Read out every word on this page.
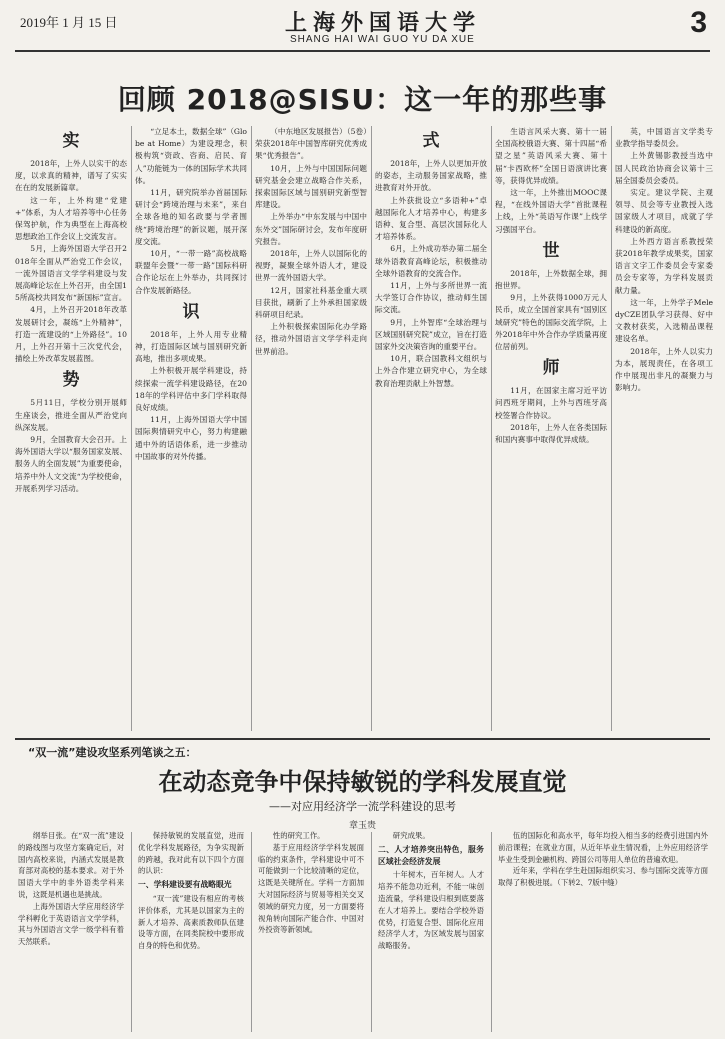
2019年 1 月 15 日	上海外国语大学
SHANG HAI WAI GUO YU DA XUE
3
回顾 2018@SISU：这一年的那些事
实

2018年，上外人以实干的态度，以求真的精神，谱写了实实在在的发展新篇章。

这一年，上外构建“党建+”体系，为人才培养等中心任务保驾护航，作为典型在上海高校思想政治工作会议上交流发言。

5月，上海外国语大学召开2018年全面从严治党工作会议，一流外国语言文学学科建设与发展高峰论坛在上外召开，由全国15所高校共同发布“新国标”宣言。

4月，上外召开2018年改革发展研讨会，凝练“上外精神”，打造一流建设的“上外路径”。10月，上外召开第十三次党代会，描绘上外改革发展蓝图。

势

5月11日，学校分别开展师生座谈会，推进全面从严治党向纵深发展。

9月，全国教育大会召开。上海外国语大学以“服务国家发展、服务人的全面发展”为重要使命，培养中外人文交流“为学校使命，开展系列学习活动。

“立足本土，数据全球”（Globe at Home）为建设理念，积极构筑“资政、咨商、启民、育人”功能链为一体的国际学术共同体。

11月，研究院举办首届国际研讨会“跨境治理与未来”，来自全球各地的知名政要与学者围绕“跨境治理”的新议题，展开深度交流。

10月，“一带一路”高校战略联盟年会暨“一带一路”国际科研合作论坛在上外举办，共同探讨合作发展新路径。

识

2018年，上外人用专业精神，打造国际区域与国别研究新高地，推出多项成果。

上外积极开展学科建设，持续探索一流学科建设路径，在2018年的学科评估中多门学科取得良好成绩。

11月，上海外国语大学中国国际舆情研究中心，努力构建融通中外的话语体系，进一步推动中国故事的对外传播。

（中东地区发展报告）（5卷）荣获2018年中国智库研究优秀成果“优秀报告”。

10月，上外与中国国际问题研究基金会建立战略合作关系，探索国际区域与国别研究新型智库建设。

上外举办“中东发展与中国中东外交”国际研讨会，发布年度研究报告。

2018年，上外人以国际化的视野，凝聚全球外语人才，建设世界一流外国语大学。

12月，国家社科基金重大项目获批，刷新了上外承担国家级科研项目纪录。

上外积极探索国际化办学路径，推动外国语言文学学科走向世界前沿。

式

2018年，上外人以更加开放的姿态，主动服务国家战略，推进教育对外开放。

上外获批设立“多语种+”卓越国际化人才培养中心，构建多语种、复合型、高层次国际化人才培养体系。

6月，上外成功举办第二届全球外语教育高峰论坛，积极推动全球外语教育的交流合作。

11月，上外与多所世界一流大学签订合作协议，推动师生国际交流。

9月，上外智库“全球治理与区域国别研究院”成立，旨在打造国家外交决策咨询的重要平台。

10月，联合国教科文组织与上外合作建立研究中心，为全球教育治理贡献上外智慧。

生语言风采大赛、第十一届全国高校俄语大赛、第十四届“希望之星”英语风采大赛、第十届“卡西欧杯”全国日语演讲比赛等，获得优异成绩。

这一年，上外推出MOOC课程，“在线外国语大学”首批课程上线，上外“英语写作课”上线学习强国平台。

世

2018年，上外数据全球，拥抱世界。

9月，上外获得1000万元人民币，成立全国首家具有“国别区域研究”特色的国际交流学院，上外2018年中外合作办学质量再度位居前列。

师

11月，在国家主席习近平访问西班牙期间，上外与西班牙高校签署合作协议。

2018年，上外人在各类国际和国内赛事中取得优异成绩。

英，中国语言文学类专业教学指导委员会。

上外黄锡影教授当选中国人民政治协商会议第十三届全国委员会委员。

实定。建议学院、主观领导、员会等专业教授入选国家级人才项目，成就了学科建设的新高度。

上外西方语言系教授荣获2018年教学成果奖，国家语言文字工作委员会专家委员会专家等，为学科发展贡献力量。

这一年，上外学子MeledyCZE团队学习获得、好中文教材获奖，入选精品课程建设名单。

2018年，上外人以实力为本，展现责任，在各项工作中展现出非凡的凝聚力与影响力。

“双一流”建设攻坚系列笔谈之五：
在动态竞争中保持敏锐的学科发展直觉
——对应用经济学一流学科建设的思考
章玉贵

纲举目张。在“双一流”建设的路线图与攻坚方案确定后，对国内高校来说，内涵式发展是教育部对高校的基本要求。对于外国语大学中的非外语类学科来说，这既是机遇也是挑战。

上海外国语大学应用经济学学科孵化于英语语言文学学科，其与外国语言文学一级学科有着天然联系。

保持敏锐的发展直觉，进而优化学科发展路径，为争实现新的跨越，我对此有以下四个方面的认识：

一、学科建设要有战略眼光

“双一流”建设有相应的考核评价体系，尤其是以国家为主的新人才培养、高素质教师队伍建设等方面，在同类院校中要形成自身的特色和优势。

性的研究工作。

基于应用经济学学科发展面临的约束条件，学科建设中可不可能做到一个比较清晰的定位，这既是关键所在。学科一方面加大对国际经济与贸易等相关交叉领域的研究力度，另一方面要将视角转向国际产能合作、中国对外投资等新领域。

研究成果。

二、人才培养突出特色，服务区域社会经济发展

十年树木，百年树人。人才培养不能急功近利，不能一味创造流量，学科建设归根到底要落在人才培养上。要结合学校外语优势，打造复合型、国际化应用经济学人才，为区域发展与国家战略服务。

伍的国际化和高水平，每年均投入相当多的经费引进国内外前沿课程；在就业方面，从近年毕业生情况看，上外应用经济学毕业生受到金融机构、跨国公司等用人单位的普遍欢迎。

近年来，学科在学生赴国际组织实习、参与国际交流等方面取得了积极进展。（下转2、7版中缝）
